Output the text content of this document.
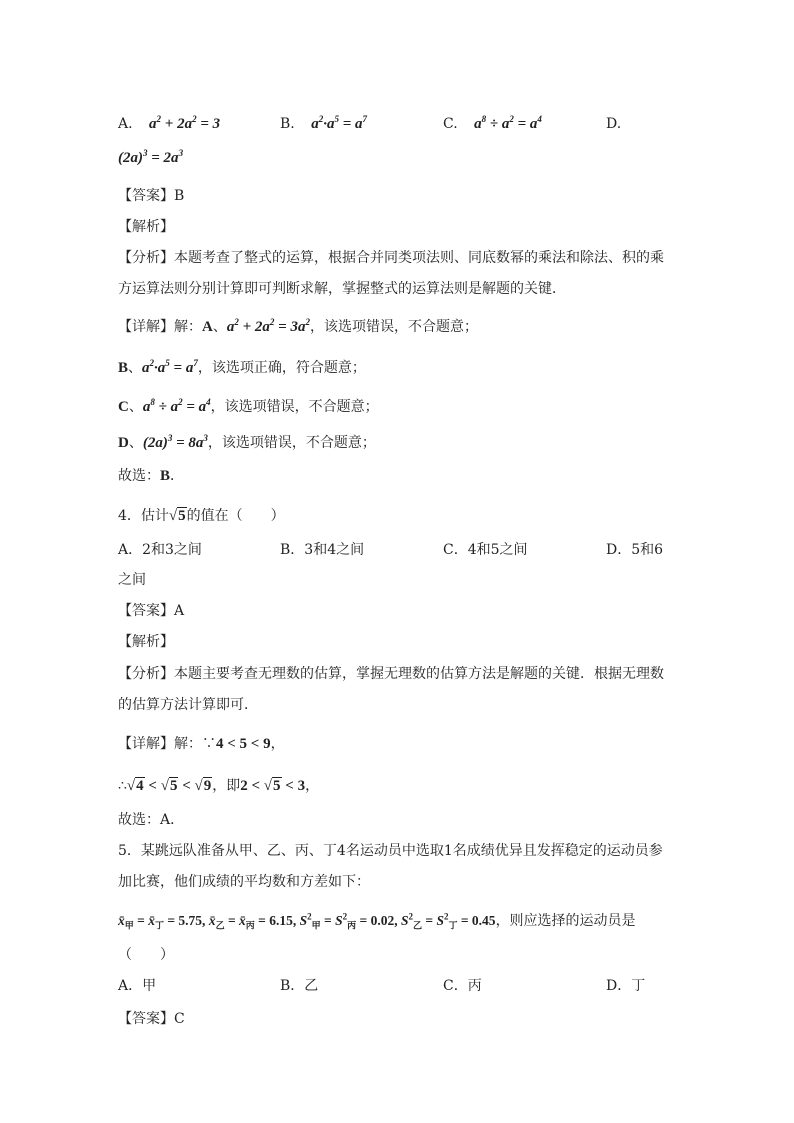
A. $a^2 + 2a^2 = 3$	B. $a^2\cdot a^5 = a^7$	C. $a^8 \div a^2 = a^4$	D.
$(2a)^3 = 2a^3$
【答案】B
【解析】
【分析】本题考查了整式的运算，根据合并同类项法则、同底数幂的乘法和除法、积的乘
方运算法则分别计算即可判断求解，掌握整式的运算法则是解题的关键．
【详解】解：A、$a^2 + 2a^2 = 3a^2$，该选项错误，不合题意；
B、$a^2\cdot a^5 = a^7$，该选项正确，符合题意；
C、$a^8 \div a^2 = a^4$，该选项错误，不合题意；
D、$(2a)^3 = 8a^3$，该选项错误，不合题意；
故选：B．
4．估计√5的值在（　　）
A．2和3之间	B．3和4之间	C．4和5之间	D．5和6
之间
【答案】A
【解析】
【分析】本题主要考查无理数的估算，掌握无理数的估算方法是解题的关键．根据无理数
的估算方法计算即可．
【详解】解：∵4 < 5 < 9，
∴√4 < √5 < √9，即2 < √5 < 3，
故选：A．
5．某跳远队准备从甲、乙、丙、丁4名运动员中选取1名成绩优异且发挥稳定的运动员参
加比赛，他们成绩的平均数和方差如下：
$x̄_甲$ = $x̄_丁 = 5.75$, $x̄_乙$ = $x̄_丙 = 6.15$, $S^2_甲 = S^2_丙 = 0.02$, $S^2_乙 = S^2_丁 = 0.45$，则应选择的运动员是
（　　）
A．甲	B．乙	C．丙	D．丁
【答案】C
